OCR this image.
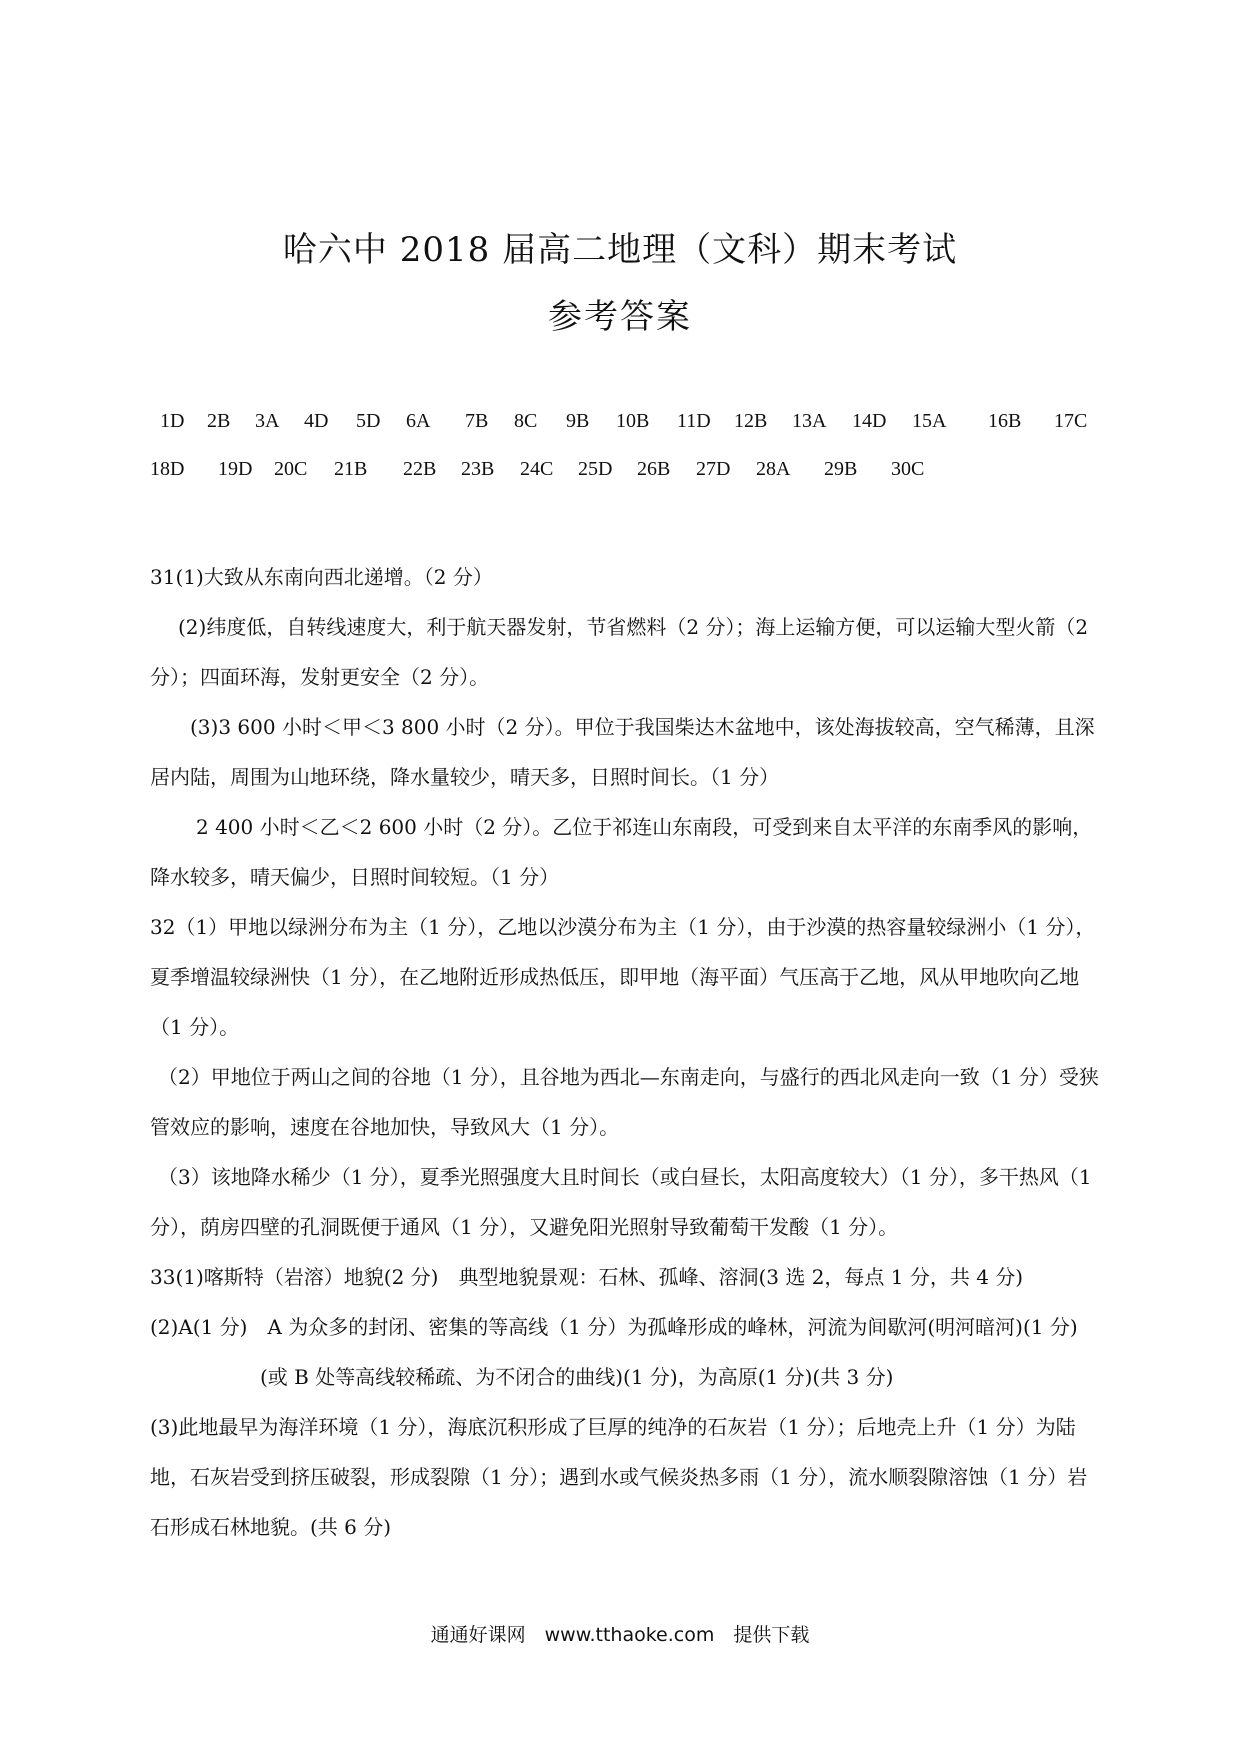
哈六中 2018 届高二地理（文科）期末考试
参考答案
1D 2B 3A 4D 5D 6A 7B 8C 9B 10B 11D 12B 13A 14D 15A 16B 17C
18D 19D 20C 21B 22B 23B 24C 25D 26B 27D 28A 29B 30C

31(1)大致从东南向西北递增。（2 分）

(2)纬度低，自转线速度大，利于航天器发射，节省燃料（2 分）；海上运输方便，可以运输大型火箭（2 分）；四面环海，发射更安全（2 分）。

(3)3 600 小时＜甲＜3 800 小时（2 分）。甲位于我国柴达木盆地中，该处海拔较高，空气稀薄，且深居内陆，周围为山地环绕，降水量较少，晴天多，日照时间长。（1 分）

2 400 小时＜乙＜2 600 小时（2 分）。乙位于祁连山东南段，可受到来自太平洋的东南季风的影响，降水较多，晴天偏少，日照时间较短。（1 分）

32（1）甲地以绿洲分布为主（1 分），乙地以沙漠分布为主（1 分），由于沙漠的热容量较绿洲小（1 分），夏季增温较绿洲快（1 分），在乙地附近形成热低压，即甲地（海平面）气压高于乙地，风从甲地吹向乙地（1 分）。

（2）甲地位于两山之间的谷地（1 分），且谷地为西北—东南走向，与盛行的西北风走向一致（1 分）受狭管效应的影响，速度在谷地加快，导致风大（1 分）。

（3）该地降水稀少（1 分），夏季光照强度大且时间长（或白昼长，太阳高度较大）（1 分），多干热风（1 分），荫房四壁的孔洞既便于通风（1 分），又避免阳光照射导致葡萄干发酸（1 分）。

33(1)喀斯特（岩溶）地貌(2 分)　典型地貌景观：石林、孤峰、溶洞(3 选 2，每点 1 分，共 4 分)

(2)A(1 分)　A 为众多的封闭、密集的等高线（1 分）为孤峰形成的峰林，河流为间歇河(明河暗河)(1 分)

(或 B 处等高线较稀疏、为不闭合的曲线)(1 分)，为高原(1 分)(共 3 分)

(3)此地最早为海洋环境（1 分），海底沉积形成了巨厚的纯净的石灰岩（1 分）；后地壳上升（1 分）为陆地，石灰岩受到挤压破裂，形成裂隙（1 分）；遇到水或气候炎热多雨（1 分），流水顺裂隙溶蚀（1 分）岩石形成石林地貌。(共 6 分)

通通好课网　www.tthaoke.com　提供下载
